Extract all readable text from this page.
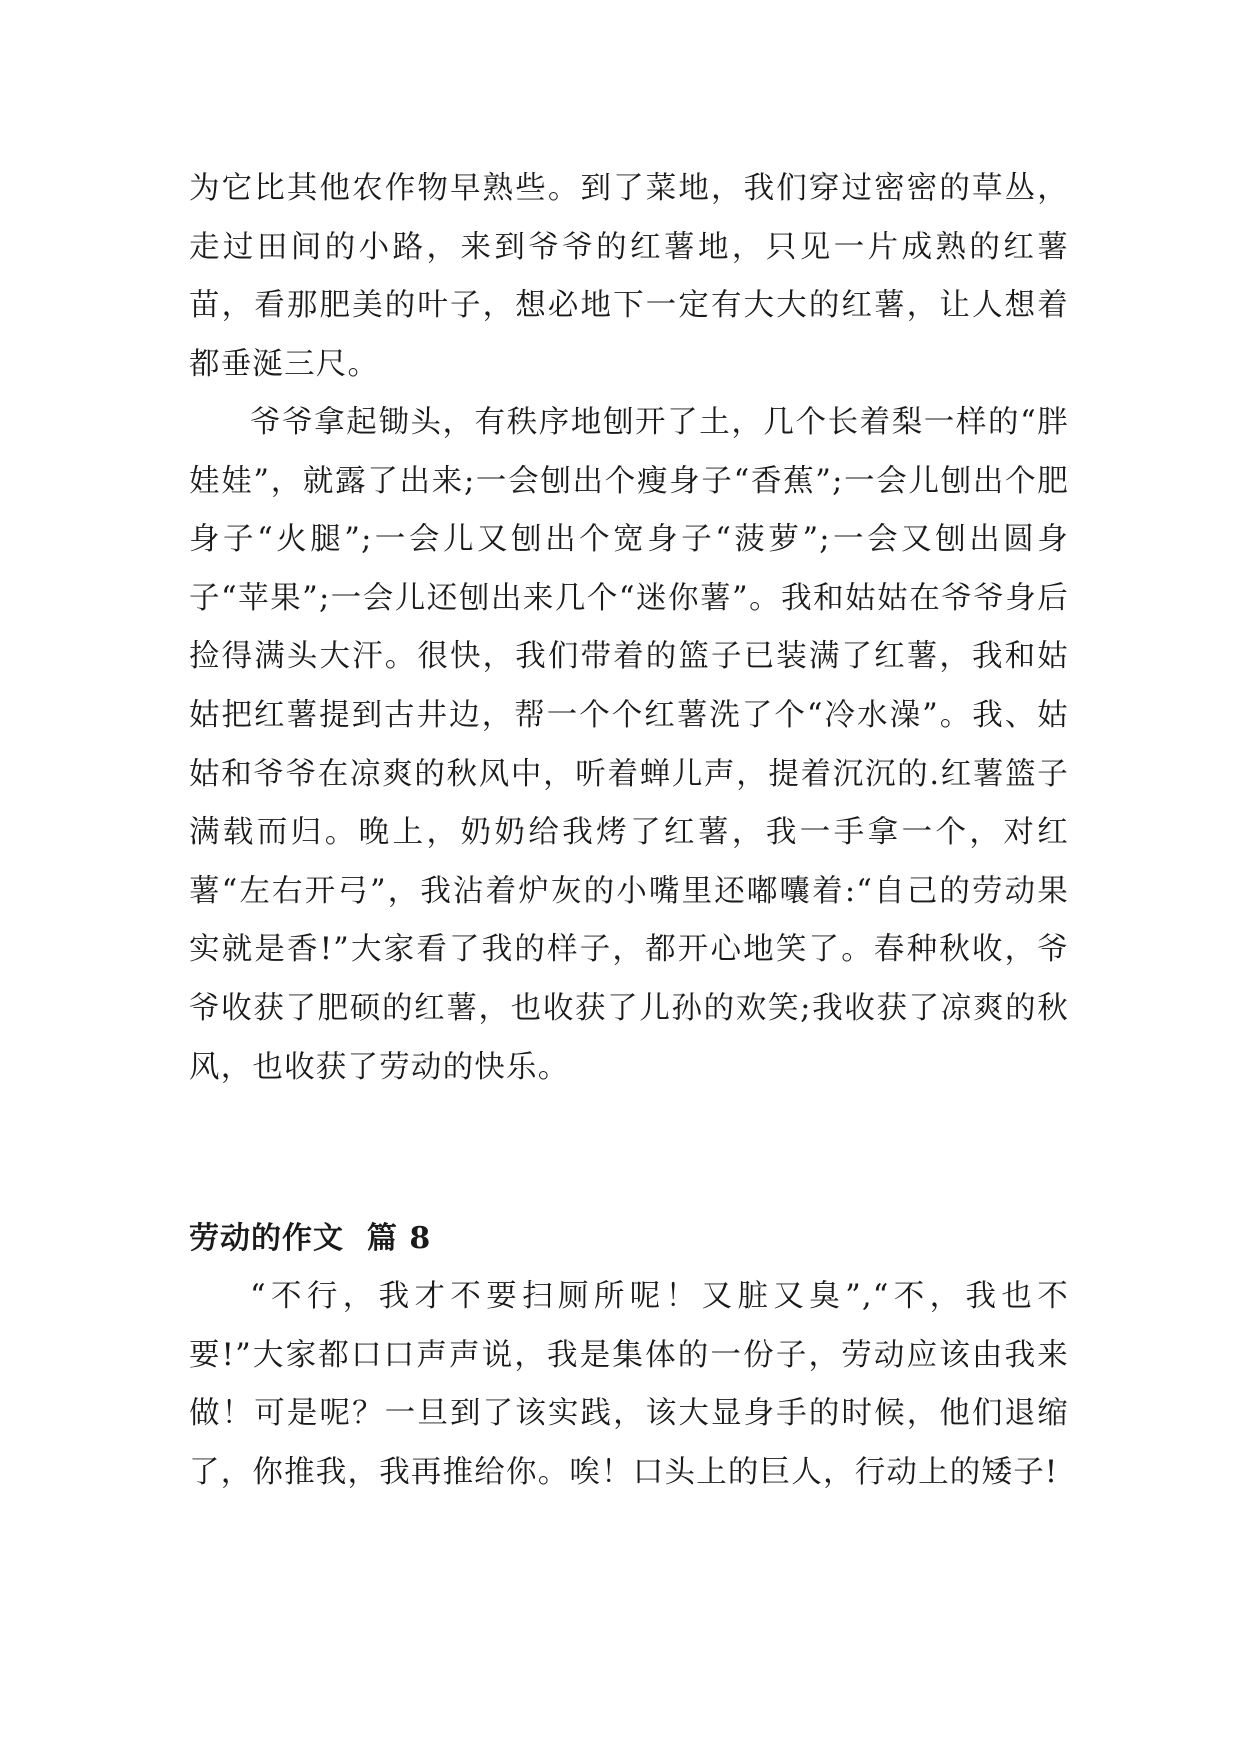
为它比其他农作物早熟些。到了菜地，我们穿过密密的草丛，走过田间的小路，来到爷爷的红薯地，只见一片成熟的红薯苗，看那肥美的叶子，想必地下一定有大大的红薯，让人想着都垂涎三尺。

爷爷拿起锄头，有秩序地刨开了土，几个长着梨一样的“胖娃娃”，就露了出来;一会刨出个瘦身子“香蕉”;一会儿刨出个肥身子“火腿”;一会儿又刨出个宽身子“菠萝”;一会又刨出圆身子“苹果”;一会儿还刨出来几个“迷你薯”。我和姑姑在爷爷身后捡得满头大汗。很快，我们带着的篮子已装满了红薯，我和姑姑把红薯提到古井边，帮一个个红薯洗了个“冷水澡”。我、姑姑和爷爷在凉爽的秋风中，听着蝉儿声，提着沉沉的.红薯篮子满载而归。晚上，奶奶给我烤了红薯，我一手拿一个，对红薯“左右开弓”，我沾着炉灰的小嘴里还嘟囔着:“自己的劳动果实就是香!”大家看了我的样子，都开心地笑了。春种秋收，爷爷收获了肥硕的红薯，也收获了儿孙的欢笑;我收获了凉爽的秋风，也收获了劳动的快乐。

劳动的作文  篇 8

“不行，我才不要扫厕所呢！又脏又臭”,“不，我也不要!”大家都口口声声说，我是集体的一份子，劳动应该由我来做！可是呢？一旦到了该实践，该大显身手的时候，他们退缩了，你推我，我再推给你。唉！口头上的巨人，行动上的矮子!
